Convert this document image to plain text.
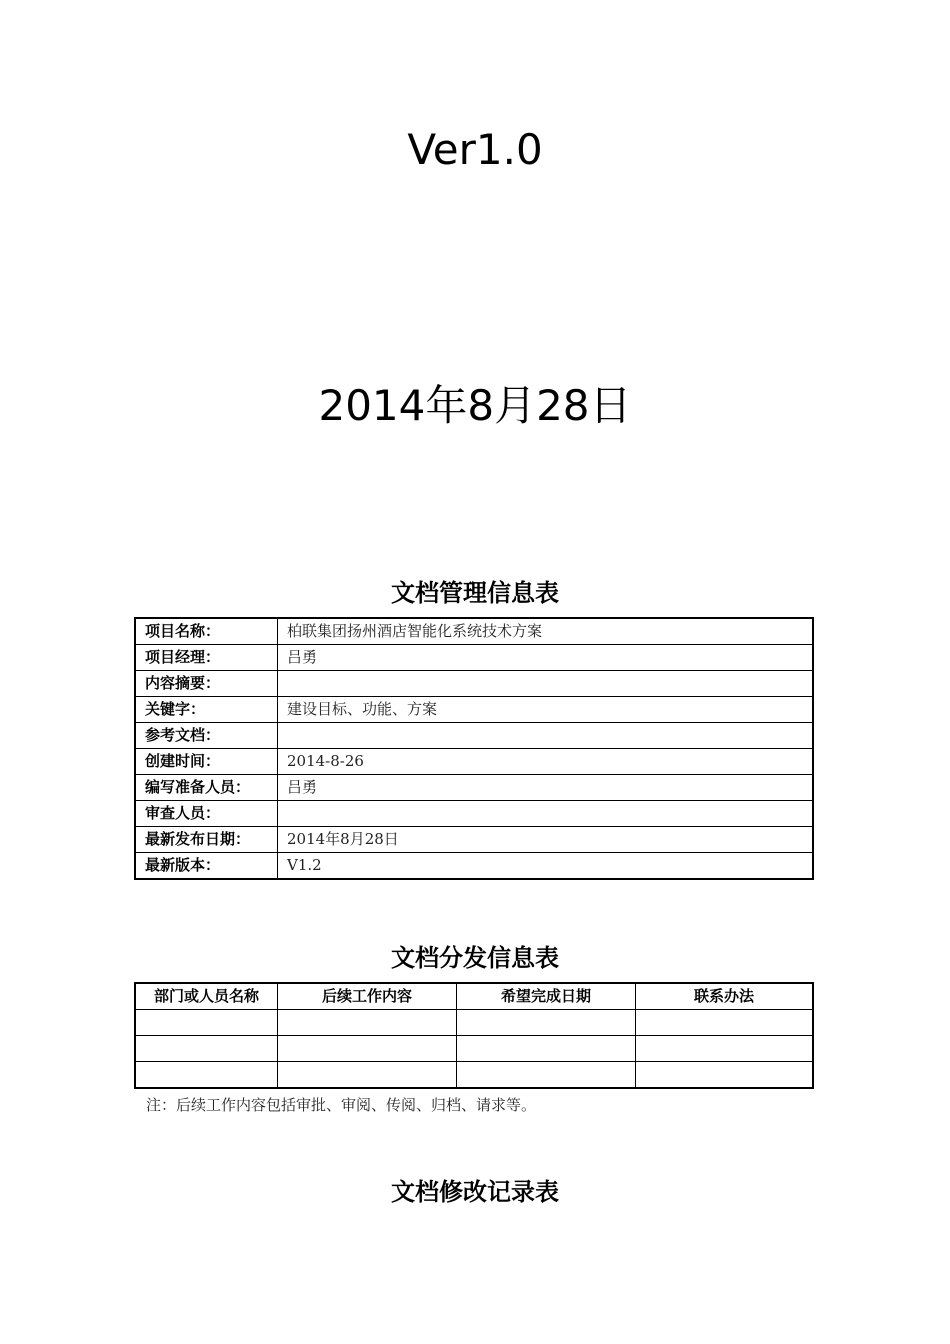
Ver1.0
2014年8月28日
文档管理信息表
项目名称：	柏联集团扬州酒店智能化系统技术方案
项目经理：	吕勇
内容摘要：	
关键字：	建设目标、功能、方案
参考文档：	
创建时间：	2014-8-26
编写准备人员：	吕勇
审查人员：	
最新发布日期：	2014年8月28日
最新版本：	V1.2
文档分发信息表
部门或人员名称	后续工作内容	希望完成日期	联系办法

注：后续工作内容包括审批、审阅、传阅、归档、请求等。
文档修改记录表
